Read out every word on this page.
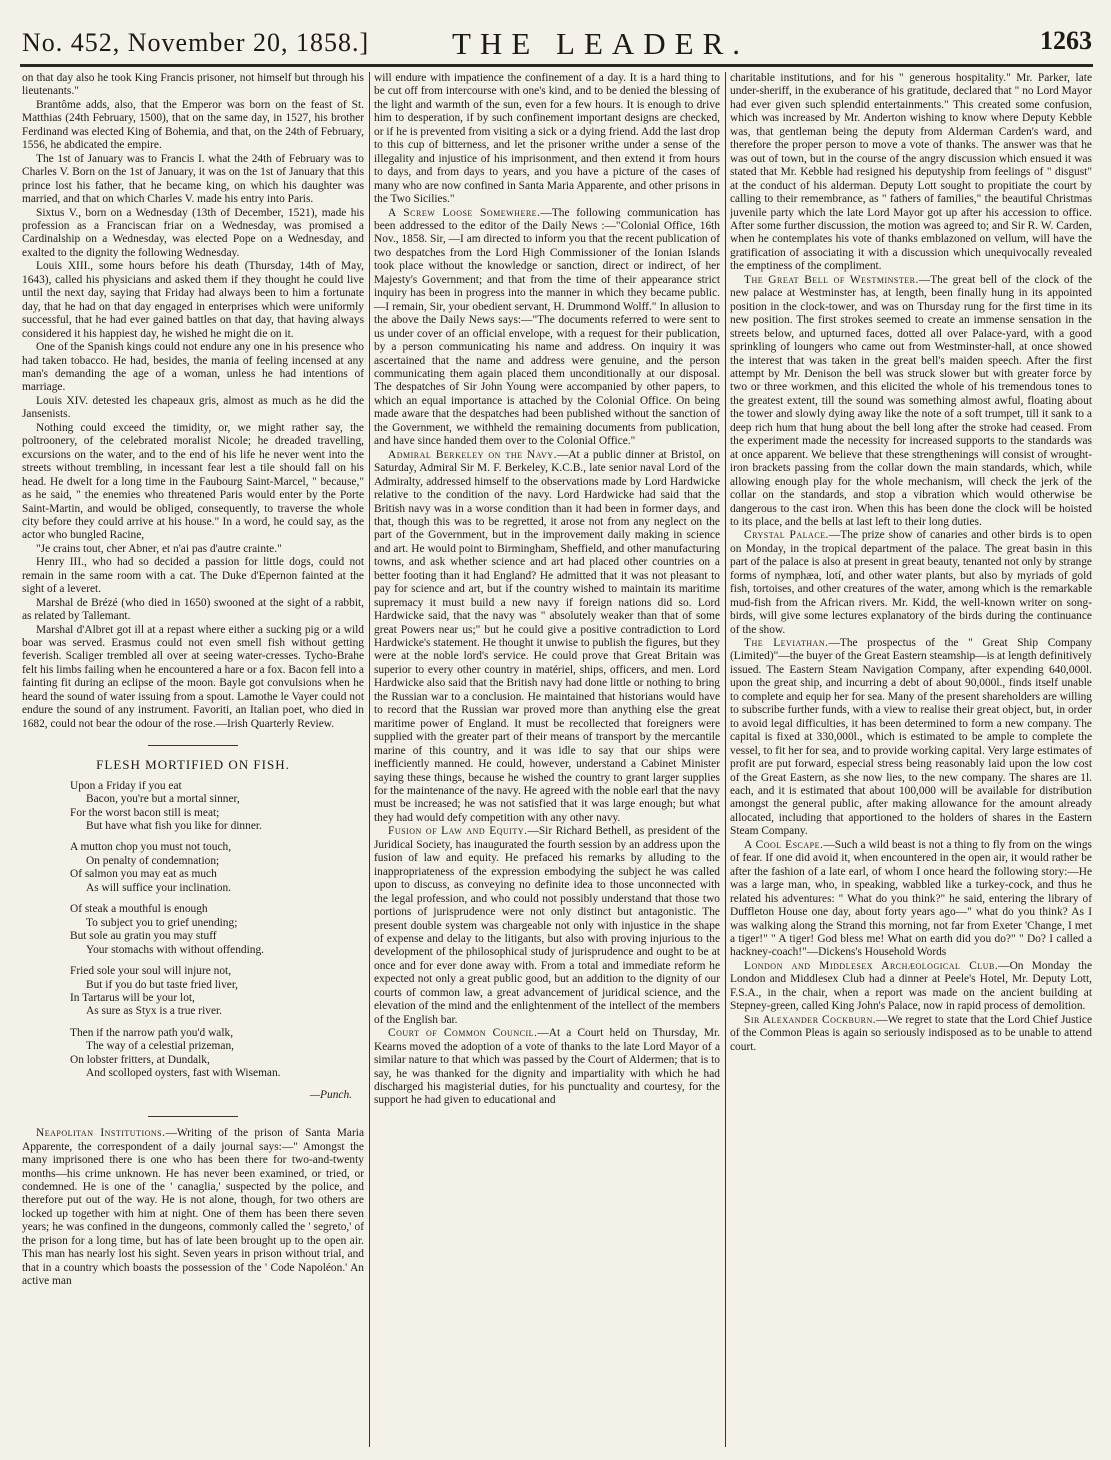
No. 452, November 20, 1858.]	THE LEADER.	1263

on that day also he took King Francis prisoner, not himself but through his lieutenants."

Brantôme adds, also, that the Emperor was born on the feast of St. Matthias (24th February, 1500), that on the same day, in 1527, his brother Ferdinand was elected King of Bohemia, and that, on the 24th of February, 1556, he abdicated the empire.

The 1st of January was to Francis I. what the 24th of February was to Charles V. Born on the 1st of January, it was on the 1st of January that this prince lost his father, that he became king, on which his daughter was married, and that on which Charles V. made his entry into Paris.

Sixtus V., born on a Wednesday (13th of December, 1521), made his profession as a Franciscan friar on a Wednesday, was promised a Cardinalship on a Wednesday, was elected Pope on a Wednesday, and exalted to the dignity the following Wednesday.

Louis XIII., some hours before his death (Thursday, 14th of May, 1643), called his physicians and asked them if they thought he could live until the next day, saying that Friday had always been to him a fortunate day, that he had on that day engaged in enterprises which were uniformly successful, that he had ever gained battles on that day, that having always considered it his happiest day, he wished he might die on it.

One of the Spanish kings could not endure any one in his presence who had taken tobacco. He had, besides, the mania of feeling incensed at any man's demanding the age of a woman, unless he had intentions of marriage.

Louis XIV. detested les chapeaux gris, almost as much as he did the Jansenists.

Nothing could exceed the timidity, or, we might rather say, the poltroonery, of the celebrated moralist Nicole; he dreaded travelling, excursions on the water, and to the end of his life he never went into the streets without trembling, in incessant fear lest a tile should fall on his head. He dwelt for a long time in the Faubourg Saint-Marcel, " because," as he said, " the enemies who threatened Paris would enter by the Porte Saint-Martin, and would be obliged, consequently, to traverse the whole city before they could arrive at his house." In a word, he could say, as the actor who bungled Racine,

"Je crains tout, cher Abner, et n'ai pas d'autre crainte."

Henry III., who had so decided a passion for little dogs, could not remain in the same room with a cat. The Duke d'Epernon fainted at the sight of a leveret.

Marshal de Brézé (who died in 1650) swooned at the sight of a rabbit, as related by Tallemant.

Marshal d'Albret got ill at a repast where either a sucking pig or a wild boar was served. Erasmus could not even smell fish without getting feverish. Scaliger trembled all over at seeing water-cresses. Tycho-Brahe felt his limbs failing when he encountered a hare or a fox. Bacon fell into a fainting fit during an eclipse of the moon. Bayle got convulsions when he heard the sound of water issuing from a spout. Lamothe le Vayer could not endure the sound of any instrument. Favoriti, an Italian poet, who died in 1682, could not bear the odour of the rose.—Irish Quarterly Review.

FLESH MORTIFIED ON FISH.
Upon a Friday if you eat
Bacon, you're but a mortal sinner,
For the worst bacon still is meat;
But have what fish you like for dinner.
A mutton chop you must not touch,
On penalty of condemnation;
Of salmon you may eat as much
As will suffice your inclination.
Of steak a mouthful is enough
To subject you to grief unending;
But sole au gratin you may stuff
Your stomachs with without offending.
Fried sole your soul will injure not,
But if you do but taste fried liver,
In Tartarus will be your lot,
As sure as Styx is a true river.
Then if the narrow path you'd walk,
The way of a celestial prizeman,
On lobster fritters, at Dundalk,
And scolloped oysters, fast with Wiseman.
—Punch.

Neapolitan Institutions.—Writing of the prison of Santa Maria Apparente, the correspondent of a daily journal says:—" Amongst the many imprisoned there is one who has been there for two-and-twenty months—his crime unknown. He has never been examined, or tried, or condemned. He is one of the ' canaglia,' suspected by the police, and therefore put out of the way. He is not alone, though, for two others are locked up together with him at night. One of them has been there seven years; he was confined in the dungeons, commonly called the ' segreto,' of the prison for a long time, but has of late been brought up to the open air. This man has nearly lost his sight. Seven years in prison without trial, and that in a country which boasts the possession of the ' Code Napoléon.' An active man

will endure with impatience the confinement of a day. It is a hard thing to be cut off from intercourse with one's kind, and to be denied the blessing of the light and warmth of the sun, even for a few hours. It is enough to drive him to desperation, if by such confinement important designs are checked, or if he is prevented from visiting a sick or a dying friend. Add the last drop to this cup of bitterness, and let the prisoner writhe under a sense of the illegality and injustice of his imprisonment, and then extend it from hours to days, and from days to years, and you have a picture of the cases of many who are now confined in Santa Maria Apparente, and other prisons in the Two Sicilies."

A Screw Loose Somewhere.—The following communication has been addressed to the editor of the Daily News :—"Colonial Office, 16th Nov., 1858. Sir, —I am directed to inform you that the recent publication of two despatches from the Lord High Commissioner of the Ionian Islands took place without the knowledge or sanction, direct or indirect, of her Majesty's Government; and that from the time of their appearance strict inquiry has been in progress into the manner in which they became public.—I remain, Sir, your obedient servant, H. Drummond Wolff." In allusion to the above the Daily News says:—"The documents referred to were sent to us under cover of an official envelope, with a request for their publication, by a person communicating his name and address. On inquiry it was ascertained that the name and address were genuine, and the person communicating them again placed them unconditionally at our disposal. The despatches of Sir John Young were accompanied by other papers, to which an equal importance is attached by the Colonial Office. On being made aware that the despatches had been published without the sanction of the Government, we withheld the remaining documents from publication, and have since handed them over to the Colonial Office."

Admiral Berkeley on the Navy.—At a public dinner at Bristol, on Saturday, Admiral Sir M. F. Berkeley, K.C.B., late senior naval Lord of the Admiralty, addressed himself to the observations made by Lord Hardwicke relative to the condition of the navy. Lord Hardwicke had said that the British navy was in a worse condition than it had been in former days, and that, though this was to be regretted, it arose not from any neglect on the part of the Government, but in the improvement daily making in science and art. He would point to Birmingham, Sheffield, and other manufacturing towns, and ask whether science and art had placed other countries on a better footing than it had England? He admitted that it was not pleasant to pay for science and art, but if the country wished to maintain its maritime supremacy it must build a new navy if foreign nations did so. Lord Hardwicke said, that the navy was " absolutely weaker than that of some great Powers near us;" but he could give a positive contradiction to Lord Hardwicke's statement. He thought it unwise to publish the figures, but they were at the noble lord's service. He could prove that Great Britain was superior to every other country in matériel, ships, officers, and men. Lord Hardwicke also said that the British navy had done little or nothing to bring the Russian war to a conclusion. He maintained that historians would have to record that the Russian war proved more than anything else the great maritime power of England. It must be recollected that foreigners were supplied with the greater part of their means of transport by the mercantile marine of this country, and it was idle to say that our ships were inefficiently manned. He could, however, understand a Cabinet Minister saying these things, because he wished the country to grant larger supplies for the maintenance of the navy. He agreed with the noble earl that the navy must be increased; he was not satisfied that it was large enough; but what they had would defy competition with any other navy.

Fusion of Law and Equity.—Sir Richard Bethell, as president of the Juridical Society, has inaugurated the fourth session by an address upon the fusion of law and equity. He prefaced his remarks by alluding to the inappropriateness of the expression embodying the subject he was called upon to discuss, as conveying no definite idea to those unconnected with the legal profession, and who could not possibly understand that those two portions of jurisprudence were not only distinct but antagonistic. The present double system was chargeable not only with injustice in the shape of expense and delay to the litigants, but also with proving injurious to the development of the philosophical study of jurisprudence and ought to be at once and for ever done away with. From a total and immediate reform he expected not only a great public good, but an addition to the dignity of our courts of common law, a great advancement of juridical science, and the elevation of the mind and the enlightenment of the intellect of the members of the English bar.

Court of Common Council.—At a Court held on Thursday, Mr. Kearns moved the adoption of a vote of thanks to the late Lord Mayor of a similar nature to that which was passed by the Court of Aldermen; that is to say, he was thanked for the dignity and impartiality with which he had discharged his magisterial duties, for his punctuality and courtesy, for the support he had given to educational and

charitable institutions, and for his " generous hospitality." Mr. Parker, late under-sheriff, in the exuberance of his gratitude, declared that " no Lord Mayor had ever given such splendid entertainments." This created some confusion, which was increased by Mr. Anderton wishing to know where Deputy Kebble was, that gentleman being the deputy from Alderman Carden's ward, and therefore the proper person to move a vote of thanks. The answer was that he was out of town, but in the course of the angry discussion which ensued it was stated that Mr. Kebble had resigned his deputyship from feelings of " disgust" at the conduct of his alderman. Deputy Lott sought to propitiate the court by calling to their remembrance, as " fathers of families," the beautiful Christmas juvenile party which the late Lord Mayor got up after his accession to office. After some further discussion, the motion was agreed to; and Sir R. W. Carden, when he contemplates his vote of thanks emblazoned on vellum, will have the gratification of associating it with a discussion which unequivocally revealed the emptiness of the compliment.

The Great Bell of Westminster.—The great bell of the clock of the new palace at Westminster has, at length, been finally hung in its appointed position in the clock-tower, and was on Thursday rung for the first time in its new position. The first strokes seemed to create an immense sensation in the streets below, and upturned faces, dotted all over Palace-yard, with a good sprinkling of loungers who came out from Westminster-hall, at once showed the interest that was taken in the great bell's maiden speech. After the first attempt by Mr. Denison the bell was struck slower but with greater force by two or three workmen, and this elicited the whole of his tremendous tones to the greatest extent, till the sound was something almost awful, floating about the tower and slowly dying away like the note of a soft trumpet, till it sank to a deep rich hum that hung about the bell long after the stroke had ceased. From the experiment made the necessity for increased supports to the standards was at once apparent. We believe that these strengthenings will consist of wrought-iron brackets passing from the collar down the main standards, which, while allowing enough play for the whole mechanism, will check the jerk of the collar on the standards, and stop a vibration which would otherwise be dangerous to the cast iron. When this has been done the clock will be hoisted to its place, and the bells at last left to their long duties.

Crystal Palace.—The prize show of canaries and other birds is to open on Monday, in the tropical department of the palace. The great basin in this part of the palace is also at present in great beauty, tenanted not only by strange forms of nymphæa, lotí, and other water plants, but also by myriads of gold fish, tortoises, and other creatures of the water, among which is the remarkable mud-fish from the African rivers. Mr. Kidd, the well-known writer on song-birds, will give some lectures explanatory of the birds during the continuance of the show.

The Leviathan.—The prospectus of the " Great Ship Company (Limited)"—the buyer of the Great Eastern steamship—is at length definitively issued. The Eastern Steam Navigation Company, after expending 640,000l. upon the great ship, and incurring a debt of about 90,000l., finds itself unable to complete and equip her for sea. Many of the present shareholders are willing to subscribe further funds, with a view to realise their great object, but, in order to avoid legal difficulties, it has been determined to form a new company. The capital is fixed at 330,000l., which is estimated to be ample to complete the vessel, to fit her for sea, and to provide working capital. Very large estimates of profit are put forward, especial stress being reasonably laid upon the low cost of the Great Eastern, as she now lies, to the new company. The shares are 1l. each, and it is estimated that about 100,000 will be available for distribution amongst the general public, after making allowance for the amount already allocated, including that apportioned to the holders of shares in the Eastern Steam Company.

A Cool Escape.—Such a wild beast is not a thing to fly from on the wings of fear. If one did avoid it, when encountered in the open air, it would rather be after the fashion of a late earl, of whom I once heard the following story:—He was a large man, who, in speaking, wabbled like a turkey-cock, and thus he related his adventures: " What do you think?" he said, entering the library of Duffleton House one day, about forty years ago—" what do you think? As I was walking along the Strand this morning, not far from Exeter 'Change, I met a tiger!" " A tiger! God bless me! What on earth did you do?" " Do? I called a hackney-coach!"—Dickens's Household Words

London and Middlesex Archæological Club.—On Monday the London and Middlesex Club had a dinner at Peele's Hotel, Mr. Deputy Lott, F.S.A., in the chair, when a report was made on the ancient building at Stepney-green, called King John's Palace, now in rapid process of demolition.

Sir Alexander Cockburn.—We regret to state that the Lord Chief Justice of the Common Pleas is again so seriously indisposed as to be unable to attend court.
